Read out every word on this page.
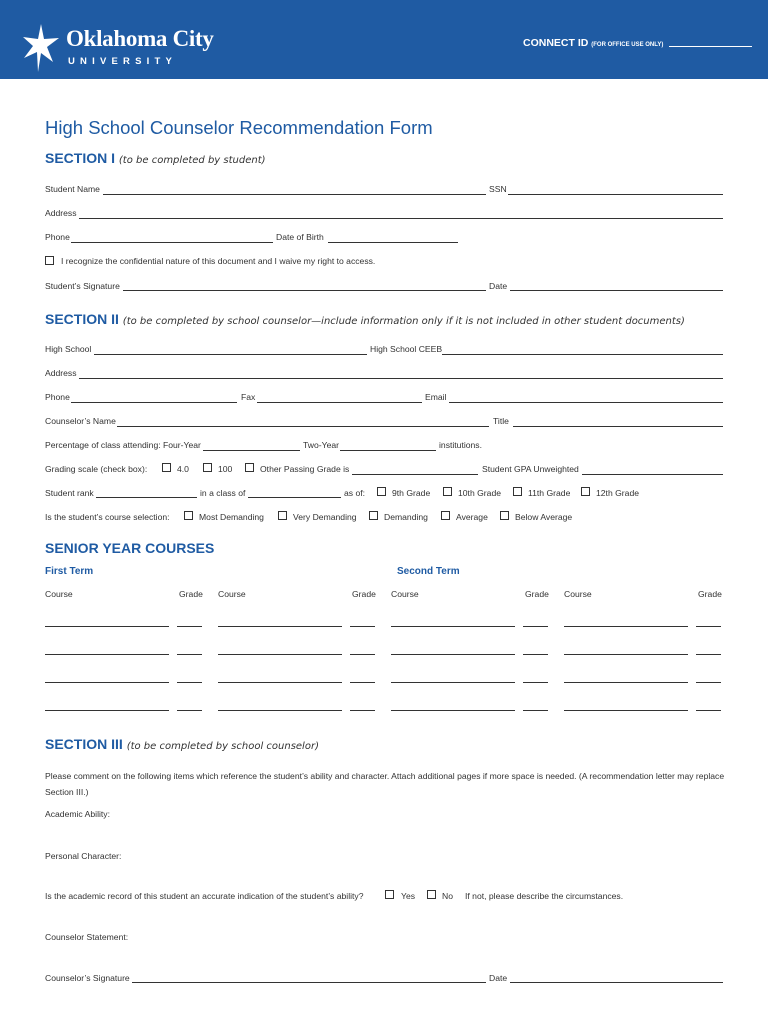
Oklahoma City
UNIVERSITY
CONNECT ID (FOR OFFICE USE ONLY)
High School Counselor Recommendation Form
SECTION I (to be completed by student)
Student Name	SSN
Address
Phone	Date of Birth
I recognize the confidential nature of this document and I waive my right to access.
Student’s Signature	Date
SECTION II (to be completed by school counselor—include information only if it is not included in other student documents)
High School	High School CEEB
Address
Phone	Fax	Email
Counselor’s Name	Title
Percentage of class attending: Four-Year	Two-Year	institutions.
Grading scale (check box):	4.0	100	Other Passing Grade is	Student GPA Unweighted
Student rank	in a class of	as of:	9th Grade	10th Grade	11th Grade	12th Grade
Is the student’s course selection:	Most Demanding	Very Demanding	Demanding	Average	Below Average
SENIOR YEAR COURSES
First Term	Second Term
Course	Grade Course	Grade Course	Grade Course	Grade
SECTION III (to be completed by school counselor)
Please comment on the following items which reference the student’s ability and character. Attach additional pages if more space is needed. (A recommendation letter may replace Section III.)
Academic Ability:
Personal Character:
Is the academic record of this student an accurate indication of the student’s ability?	Yes	No If not, please describe the circumstances.
Counselor Statement:
Counselor’s Signature	Date
